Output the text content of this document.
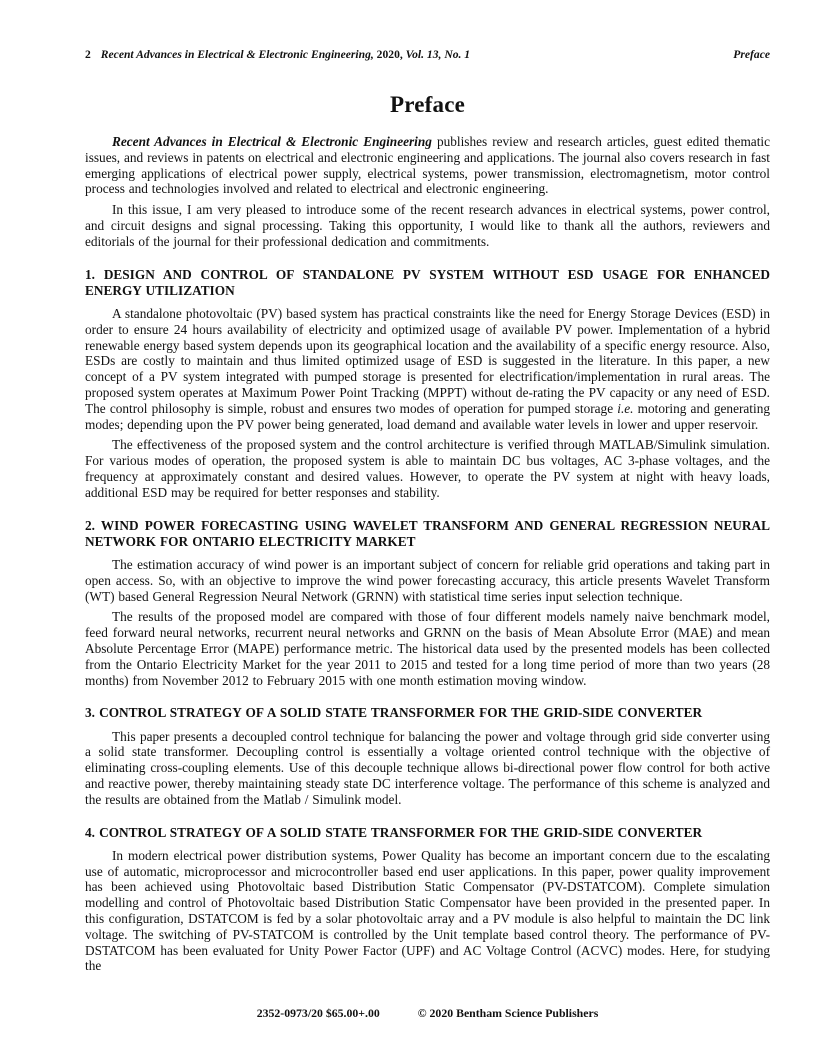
2 Recent Advances in Electrical & Electronic Engineering, 2020, Vol. 13, No. 1	Preface
Preface

Recent Advances in Electrical & Electronic Engineering publishes review and research articles, guest edited thematic issues, and reviews in patents on electrical and electronic engineering and applications. The journal also covers research in fast emerging applications of electrical power supply, electrical systems, power transmission, electromagnetism, motor control process and technologies involved and related to electrical and electronic engineering.

In this issue, I am very pleased to introduce some of the recent research advances in electrical systems, power control, and circuit designs and signal processing. Taking this opportunity, I would like to thank all the authors, reviewers and editorials of the journal for their professional dedication and commitments.

1. DESIGN AND CONTROL OF STANDALONE PV SYSTEM WITHOUT ESD USAGE FOR ENHANCED ENERGY UTILIZATION

A standalone photovoltaic (PV) based system has practical constraints like the need for Energy Storage Devices (ESD) in order to ensure 24 hours availability of electricity and optimized usage of available PV power. Implementation of a hybrid renewable energy based system depends upon its geographical location and the availability of a specific energy resource. Also, ESDs are costly to maintain and thus limited optimized usage of ESD is suggested in the literature. In this paper, a new concept of a PV system integrated with pumped storage is presented for electrification/implementation in rural areas. The proposed system operates at Maximum Power Point Tracking (MPPT) without de-rating the PV capacity or any need of ESD. The control philosophy is simple, robust and ensures two modes of operation for pumped storage i.e. motoring and generating modes; depending upon the PV power being generated, load demand and available water levels in lower and upper reservoir.

The effectiveness of the proposed system and the control architecture is verified through MATLAB/Simulink simulation. For various modes of operation, the proposed system is able to maintain DC bus voltages, AC 3-phase voltages, and the frequency at approximately constant and desired values. However, to operate the PV system at night with heavy loads, additional ESD may be required for better responses and stability.

2. WIND POWER FORECASTING USING WAVELET TRANSFORM AND GENERAL REGRESSION NEURAL NETWORK FOR ONTARIO ELECTRICITY MARKET

The estimation accuracy of wind power is an important subject of concern for reliable grid operations and taking part in open access. So, with an objective to improve the wind power forecasting accuracy, this article presents Wavelet Transform (WT) based General Regression Neural Network (GRNN) with statistical time series input selection technique.

The results of the proposed model are compared with those of four different models namely naive benchmark model, feed forward neural networks, recurrent neural networks and GRNN on the basis of Mean Absolute Error (MAE) and mean Absolute Percentage Error (MAPE) performance metric. The historical data used by the presented models has been collected from the Ontario Electricity Market for the year 2011 to 2015 and tested for a long time period of more than two years (28 months) from November 2012 to February 2015 with one month estimation moving window.

3. CONTROL STRATEGY OF A SOLID STATE TRANSFORMER FOR THE GRID-SIDE CONVERTER

This paper presents a decoupled control technique for balancing the power and voltage through grid side converter using a solid state transformer. Decoupling control is essentially a voltage oriented control technique with the objective of eliminating cross-coupling elements. Use of this decouple technique allows bi-directional power flow control for both active and reactive power, thereby maintaining steady state DC interference voltage. The performance of this scheme is analyzed and the results are obtained from the Matlab / Simulink model.

4. CONTROL STRATEGY OF A SOLID STATE TRANSFORMER FOR THE GRID-SIDE CONVERTER

In modern electrical power distribution systems, Power Quality has become an important concern due to the escalating use of automatic, microprocessor and microcontroller based end user applications. In this paper, power quality improvement has been achieved using Photovoltaic based Distribution Static Compensator (PV-DSTATCOM). Complete simulation modelling and control of Photovoltaic based Distribution Static Compensator have been provided in the presented paper. In this configuration, DSTATCOM is fed by a solar photovoltaic array and a PV module is also helpful to maintain the DC link voltage. The switching of PV-STATCOM is controlled by the Unit template based control theory. The performance of PV-DSTATCOM has been evaluated for Unity Power Factor (UPF) and AC Voltage Control (ACVC) modes. Here, for studying the

2352-0973/20 $65.00+.00	© 2020 Bentham Science Publishers
